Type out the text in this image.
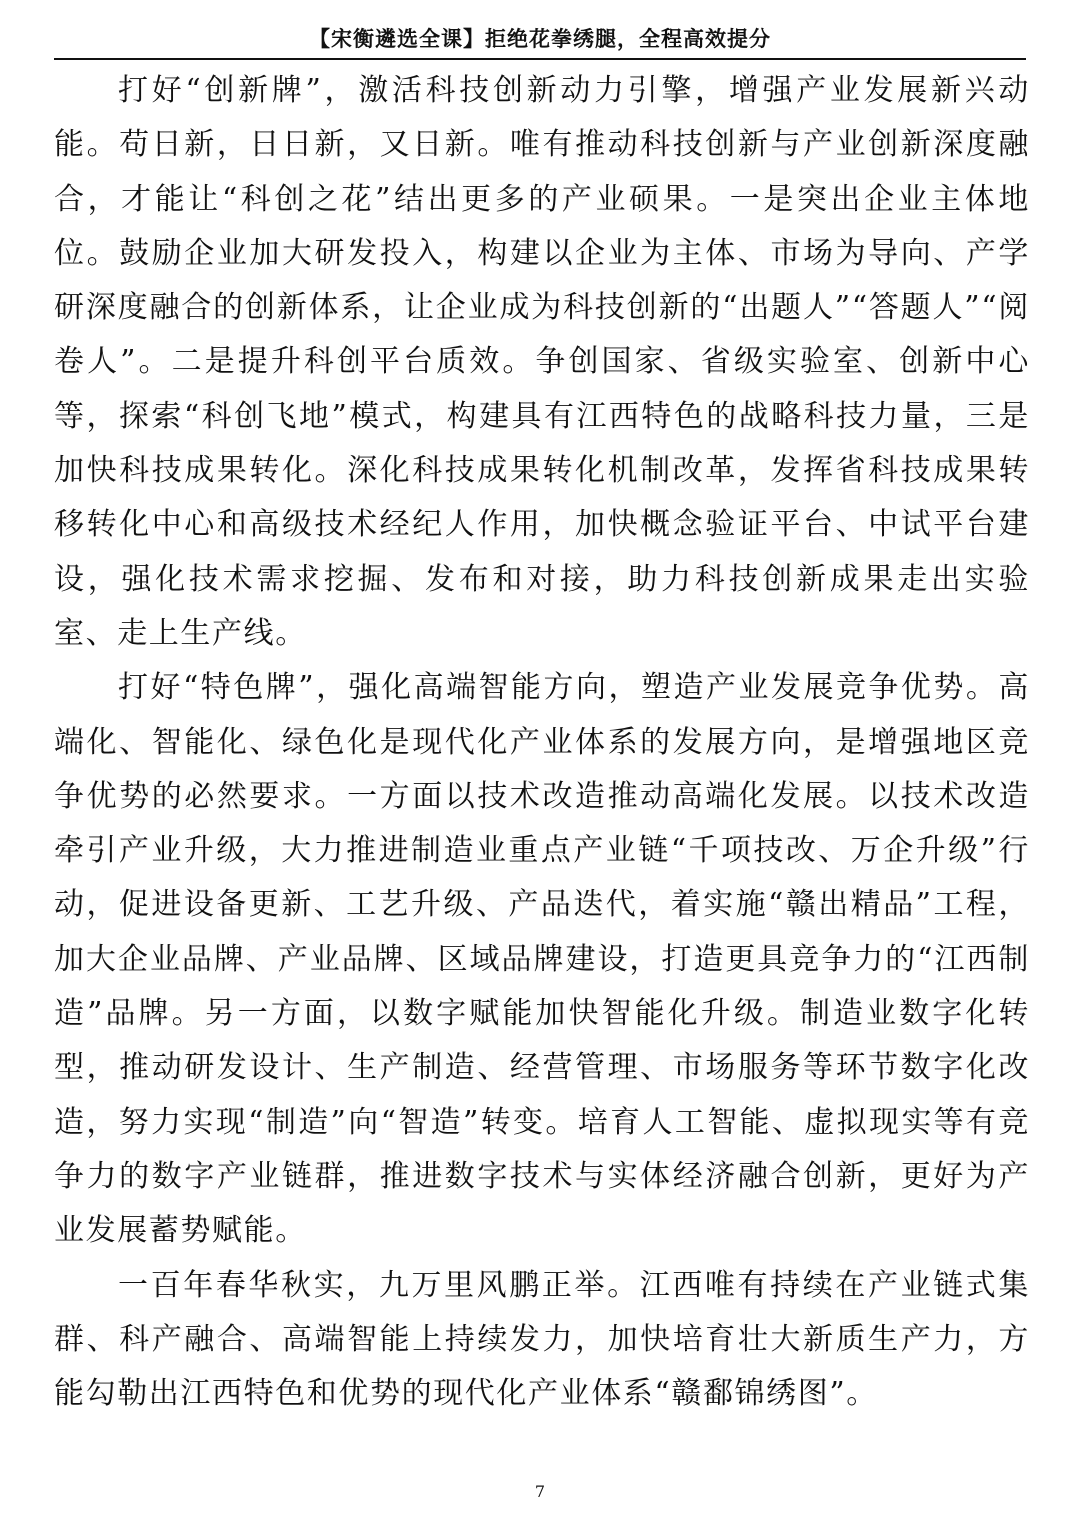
【宋衡遴选全课】拒绝花拳绣腿，全程高效提分

打好“创新牌”，激活科技创新动力引擎，增强产业发展新兴动能。苟日新，日日新，又日新。唯有推动科技创新与产业创新深度融合，才能让“科创之花”结出更多的产业硕果。一是突出企业主体地位。鼓励企业加大研发投入，构建以企业为主体、市场为导向、产学研深度融合的创新体系，让企业成为科技创新的“出题人”“答题人”“阅卷人”。二是提升科创平台质效。争创国家、省级实验室、创新中心等，探索“科创飞地”模式，构建具有江西特色的战略科技力量，三是加快科技成果转化。深化科技成果转化机制改革，发挥省科技成果转移转化中心和高级技术经纪人作用，加快概念验证平台、中试平台建设，强化技术需求挖掘、发布和对接，助力科技创新成果走出实验室、走上生产线。

打好“特色牌”，强化高端智能方向，塑造产业发展竞争优势。高端化、智能化、绿色化是现代化产业体系的发展方向，是增强地区竞争优势的必然要求。一方面以技术改造推动高端化发展。以技术改造牵引产业升级，大力推进制造业重点产业链“千项技改、万企升级”行动，促进设备更新、工艺升级、产品迭代，着实施“赣出精品”工程，加大企业品牌、产业品牌、区域品牌建设，打造更具竞争力的“江西制造”品牌。另一方面，以数字赋能加快智能化升级。制造业数字化转型，推动研发设计、生产制造、经营管理、市场服务等环节数字化改造，努力实现“制造”向“智造”转变。培育人工智能、虚拟现实等有竞争力的数字产业链群，推进数字技术与实体经济融合创新，更好为产业发展蓄势赋能。

一百年春华秋实，九万里风鹏正举。江西唯有持续在产业链式集群、科产融合、高端智能上持续发力，加快培育壮大新质生产力，方能勾勒出江西特色和优势的现代化产业体系“赣鄱锦绣图”。

7
